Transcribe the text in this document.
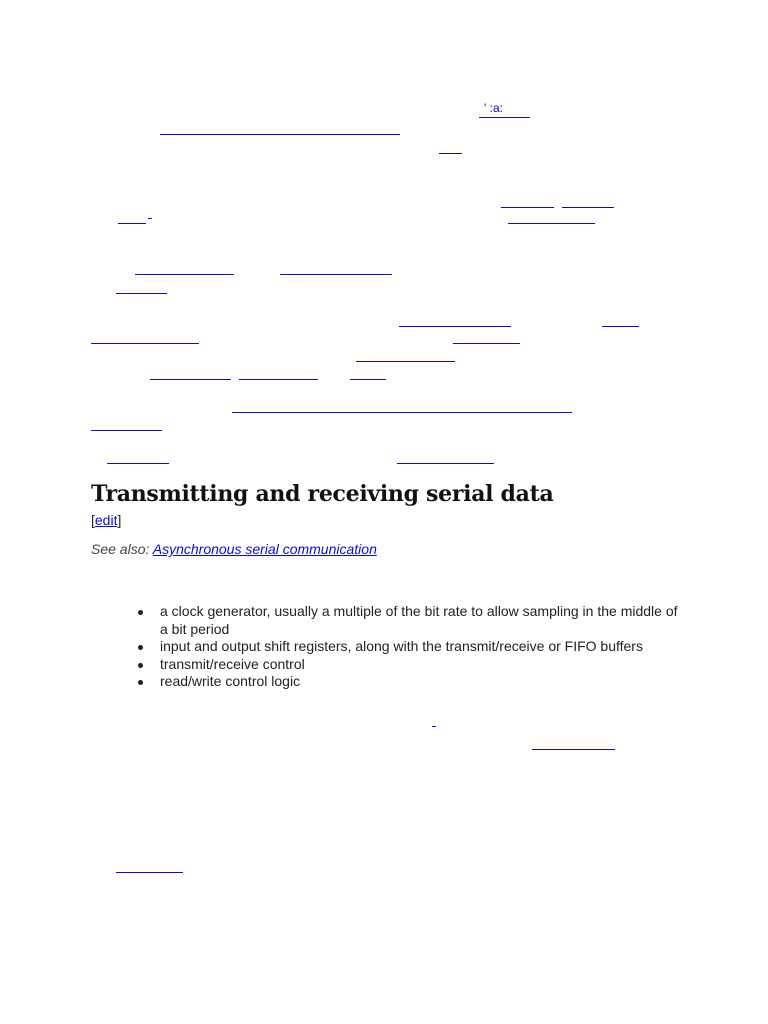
' :a:
Transmitting and receiving serial data
[edit]
See also: Asynchronous serial communication
a clock generator, usually a multiple of the bit rate to allow sampling in the middle of a bit period
input and output shift registers, along with the transmit/receive or FIFO buffers
transmit/receive control
read/write control logic
